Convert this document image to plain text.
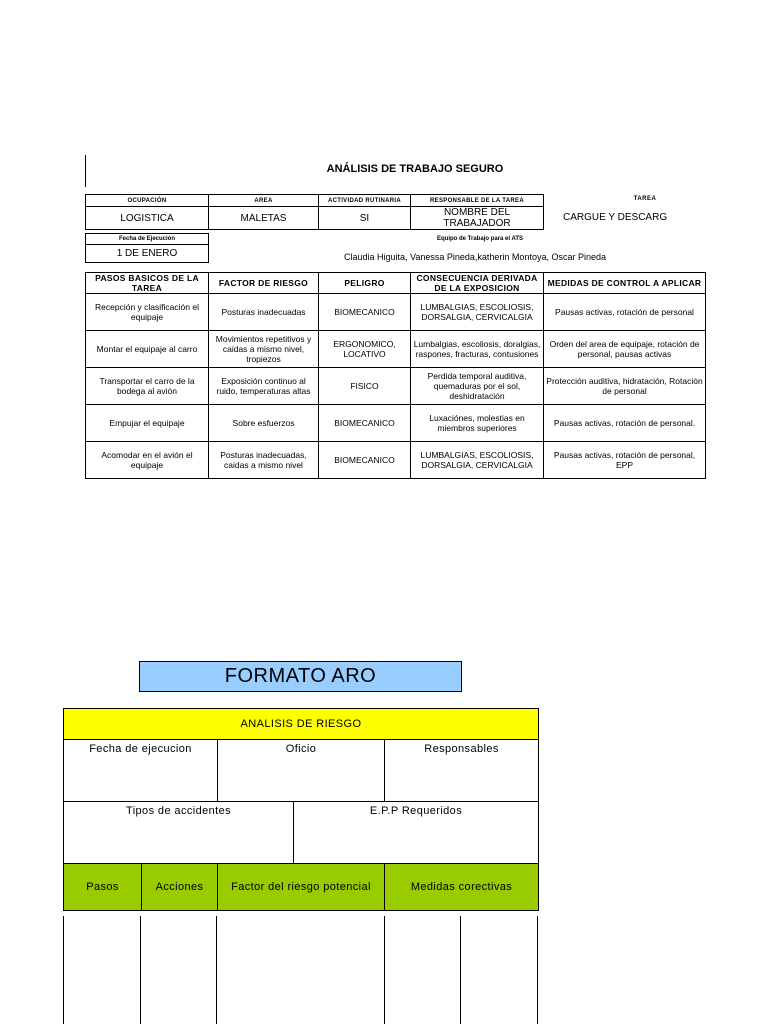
ANÁLISIS DE TRABAJO SEGURO
OCUPACIÓN	AREA	ACTIVIDAD RUTINARIA	RESPONSABLE DE LA TAREA
LOGISTICA	MALETAS	SI	NOMBRE DEL TRABAJADOR
TAREA
CARGUE Y DESCARG
Fecha de Ejecución
1 DE ENERO
Equipo de Trabajo para el ATS
Claudia Higuita, Vanessa Pineda,katherin Montoya, Oscar Pineda
PASOS BASICOS DE LA TAREA	FACTOR DE RIESGO	PELIGRO	CONSECUENCIA DERIVADA DE LA EXPOSICION	MEDIDAS DE CONTROL A APLICAR
Recepción y clasificación el equipaje	Posturas inadecuadas	BIOMECANICO	LUMBALGIAS, ESCOLIOSIS, DORSALGIA, CERVICALGIA	Pausas activas, rotación de personal
Montar el equipaje al carro	Movimientos repetitivos y caidas a mismo nivel, tropiezos	ERGONOMICO, LOCATIVO	Lumbalgias, escoliosis, doralgias, raspones, fracturas, contusiones	Orden del area de equipaje, rotación de personal, pausas activas
Transportar el carro de la bodega al avión	Exposición continuo al ruido, temperaturas altas	FISICO	Perdida temporal auditiva, quemaduras por el sol, deshidratación	Protección auditiva, hidratación, Rotación de personal
Empujar el equipaje	Sobre esfuerzos	BIOMECANICO	Luxaciónes, molestias en miembros superiores	Pausas activas, rotación de personal.
Acomodar en el avión el equipaje	Posturas inadecuadas, caidas a mismo nivel	BIOMECANICO	LUMBALGIAS, ESCOLIOSIS, DORSALGIA, CERVICALGIA	Pausas activas, rotación de personal, EPP
FORMATO ARO
ANALISIS DE RIESGO				
Fecha de ejecucion		Oficio		Responsables
Tipos de accidentes			E.P.P Requeridos	
Pasos	Acciones	Factor del riesgo potencial		Medidas corectivas
